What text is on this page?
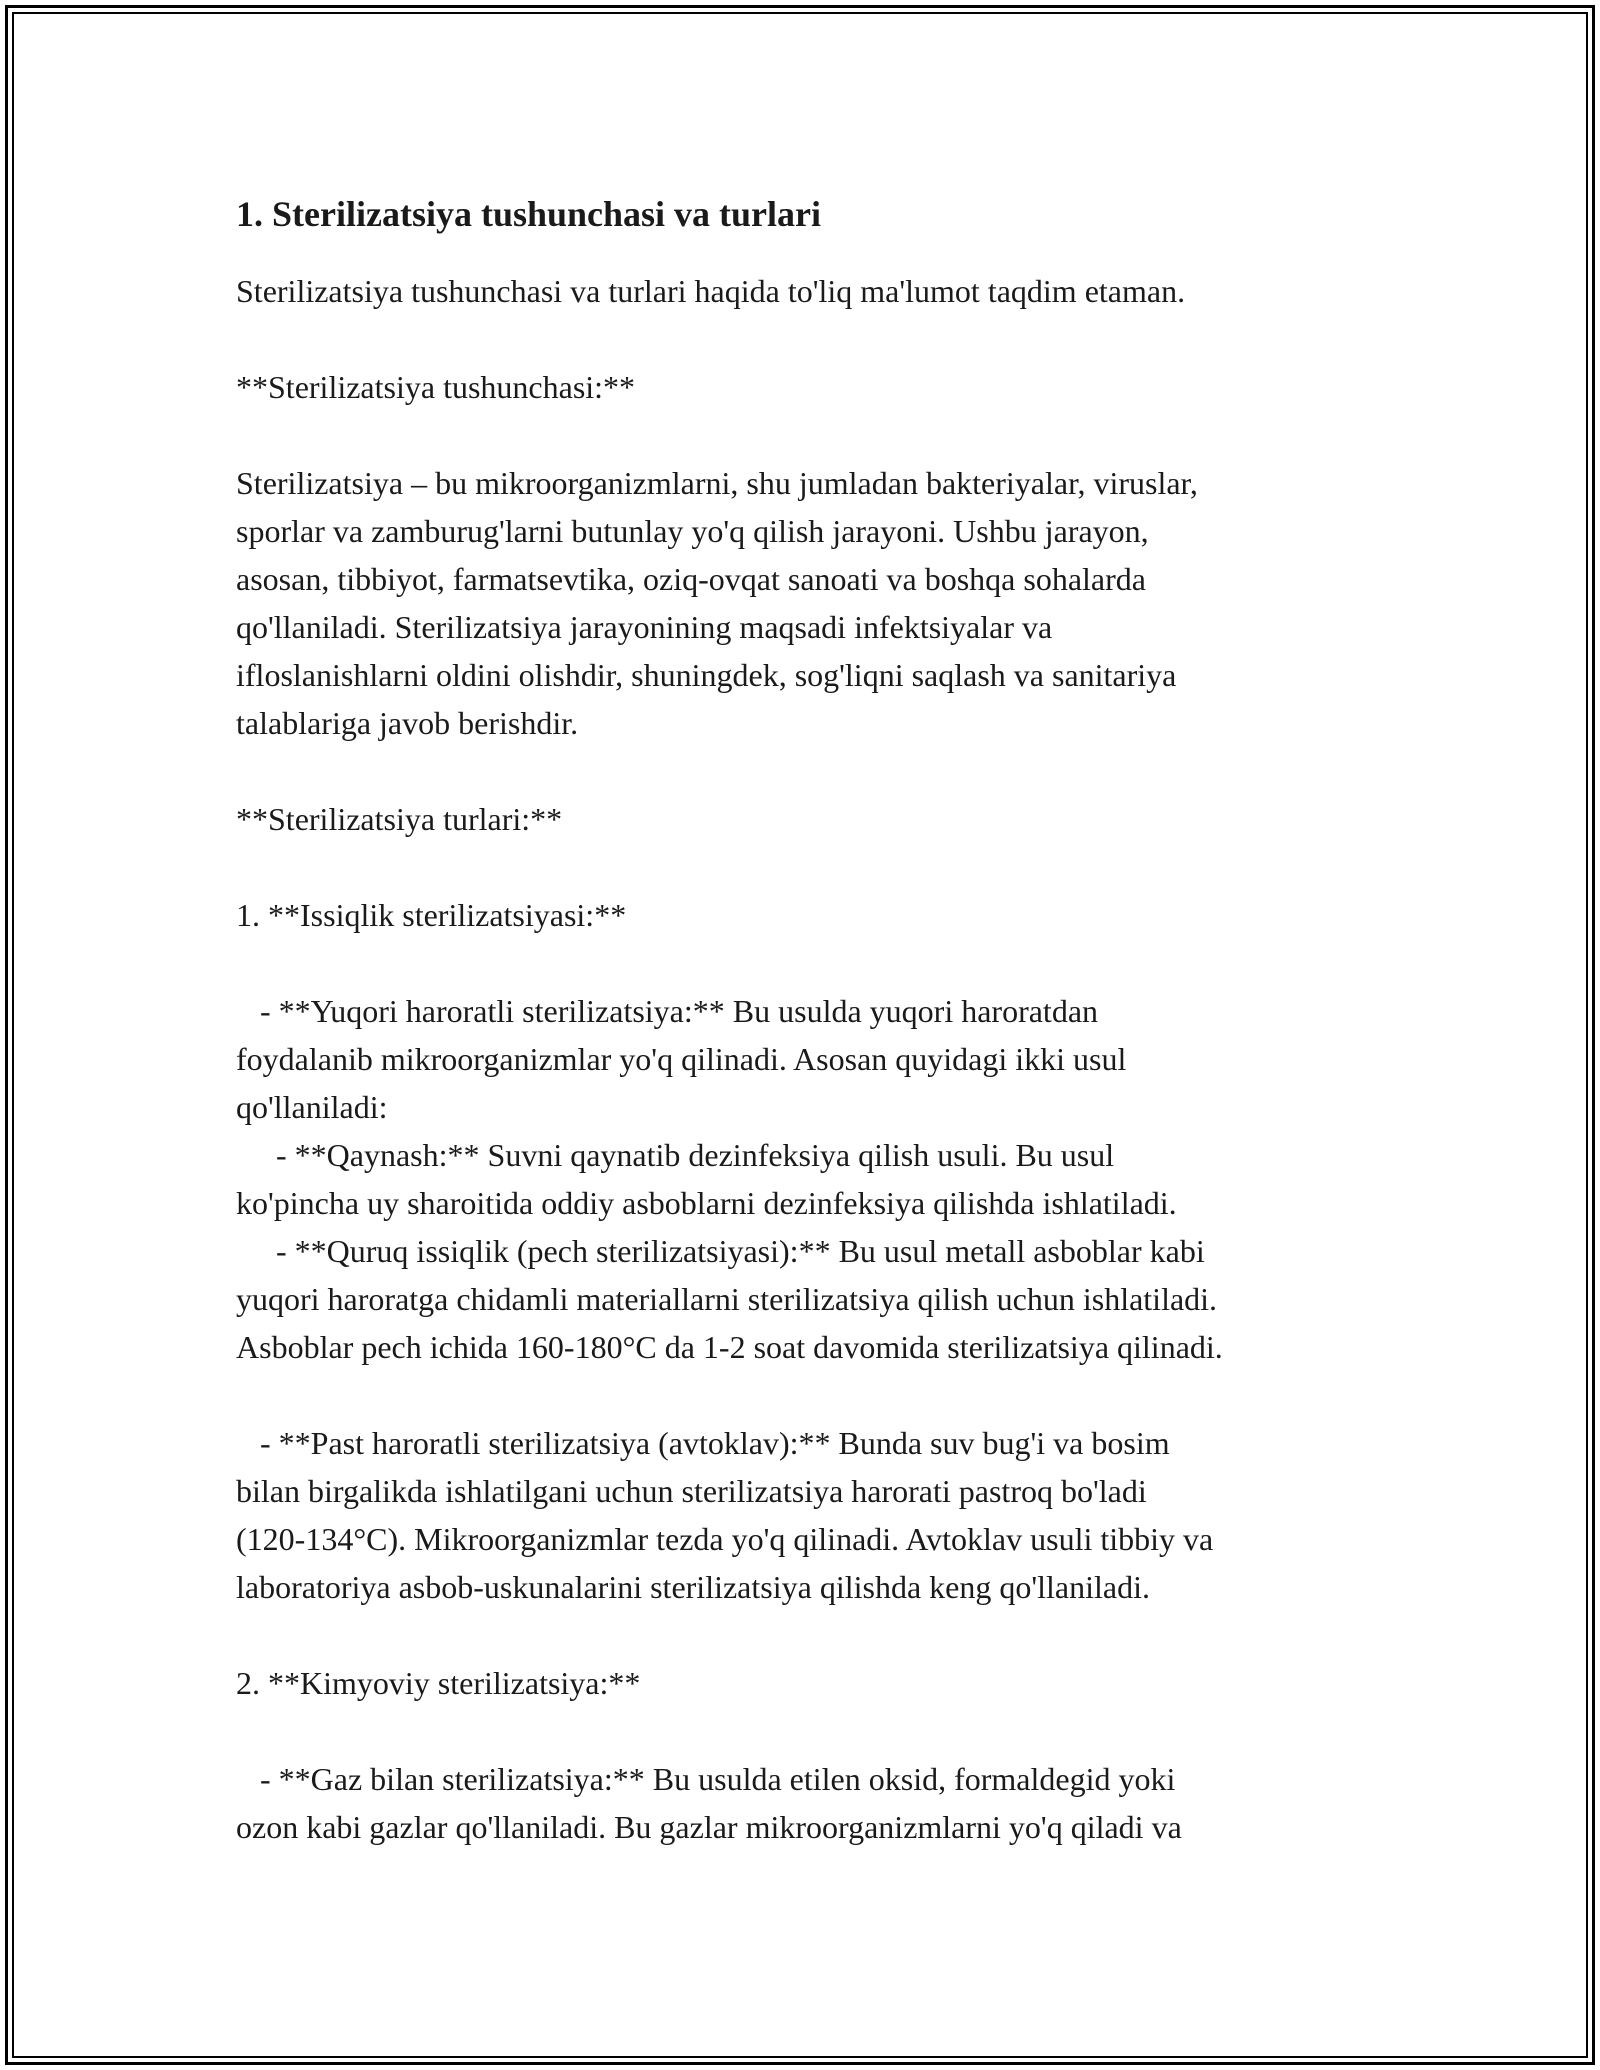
1. Sterilizatsiya tushunchasi va turlari
Sterilizatsiya tushunchasi va turlari haqida to'liq ma'lumot taqdim etaman.
**Sterilizatsiya tushunchasi:**
Sterilizatsiya – bu mikroorganizmlarni, shu jumladan bakteriyalar, viruslar,
sporlar va zamburug'larni butunlay yo'q qilish jarayoni. Ushbu jarayon,
asosan, tibbiyot, farmatsevtika, oziq-ovqat sanoati va boshqa sohalarda
qo'llaniladi. Sterilizatsiya jarayonining maqsadi infektsiyalar va
ifloslanishlarni oldini olishdir, shuningdek, sog'liqni saqlash va sanitariya
talablariga javob berishdir.
**Sterilizatsiya turlari:**
1. **Issiqlik sterilizatsiyasi:**
- **Yuqori haroratli sterilizatsiya:** Bu usulda yuqori haroratdan
foydalanib mikroorganizmlar yo'q qilinadi. Asosan quyidagi ikki usul
qo'llaniladi:
- **Qaynash:** Suvni qaynatib dezinfeksiya qilish usuli. Bu usul
ko'pincha uy sharoitida oddiy asboblarni dezinfeksiya qilishda ishlatiladi.
- **Quruq issiqlik (pech sterilizatsiyasi):** Bu usul metall asboblar kabi
yuqori haroratga chidamli materiallarni sterilizatsiya qilish uchun ishlatiladi.
Asboblar pech ichida 160-180°C da 1-2 soat davomida sterilizatsiya qilinadi.
- **Past haroratli sterilizatsiya (avtoklav):** Bunda suv bug'i va bosim
bilan birgalikda ishlatilgani uchun sterilizatsiya harorati pastroq bo'ladi
(120-134°C). Mikroorganizmlar tezda yo'q qilinadi. Avtoklav usuli tibbiy va
laboratoriya asbob-uskunalarini sterilizatsiya qilishda keng qo'llaniladi.
2. **Kimyoviy sterilizatsiya:**
- **Gaz bilan sterilizatsiya:** Bu usulda etilen oksid, formaldegid yoki
ozon kabi gazlar qo'llaniladi. Bu gazlar mikroorganizmlarni yo'q qiladi va
